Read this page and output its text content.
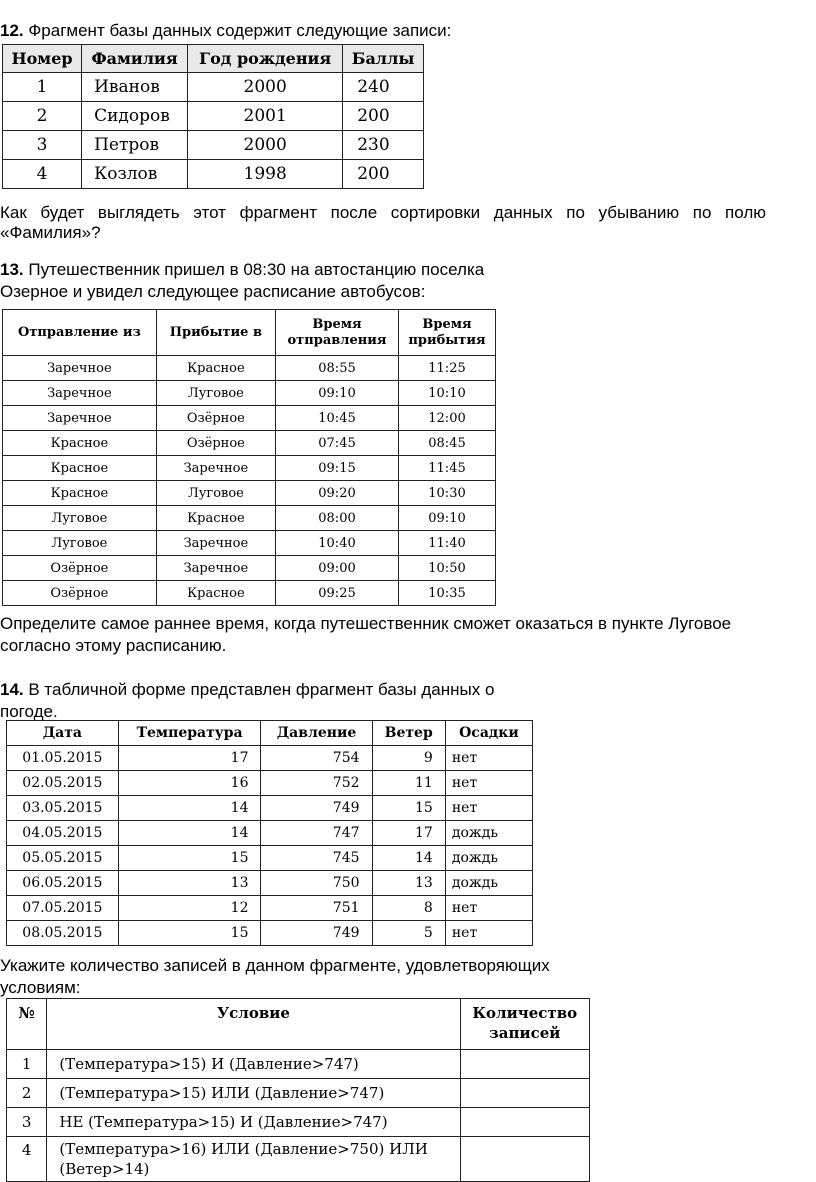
12. Фрагмент базы данных содержит следующие записи:
Номер	Фамилия	Год рождения	Баллы
1	Иванов	2000	240
2	Сидоров	2001	200
3	Петров	2000	230
4	Козлов	1998	200
Как будет выглядеть этот фрагмент после сортировки данных по убыванию по полю
«Фамилия»?
13. Путешественник пришел в 08:30 на автостанцию поселка
Озерное и увидел следующее расписание автобусов:
Отправление из	Прибытие в	Время отправления	Время прибытия
Заречное	Красное	08:55	11:25
Заречное	Луговое	09:10	10:10
Заречное	Озёрное	10:45	12:00
Красное	Озёрное	07:45	08:45
Красное	Заречное	09:15	11:45
Красное	Луговое	09:20	10:30
Луговое	Красное	08:00	09:10
Луговое	Заречное	10:40	11:40
Озёрное	Заречное	09:00	10:50
Озёрное	Красное	09:25	10:35
Определите самое раннее время, когда путешественник сможет оказаться в пункте Луговое
согласно этому расписанию.
14. В табличной форме представлен фрагмент базы данных о
погоде.
Дата	Температура	Давление	Ветер	Осадки
01.05.2015	17	754	9	нет
02.05.2015	16	752	11	нет
03.05.2015	14	749	15	нет
04.05.2015	14	747	17	дождь
05.05.2015	15	745	14	дождь
06.05.2015	13	750	13	дождь
07.05.2015	12	751	8	нет
08.05.2015	15	749	5	нет
Укажите количество записей в данном фрагменте, удовлетворяющих
условиям:
№	Условие	Количество записей
1	(Температура>15) И (Давление>747)	
2	(Температура>15) ИЛИ (Давление>747)	
3	НЕ (Температура>15) И (Давление>747)	
4	(Температура>16) ИЛИ (Давление>750) ИЛИ (Ветер>14)	
